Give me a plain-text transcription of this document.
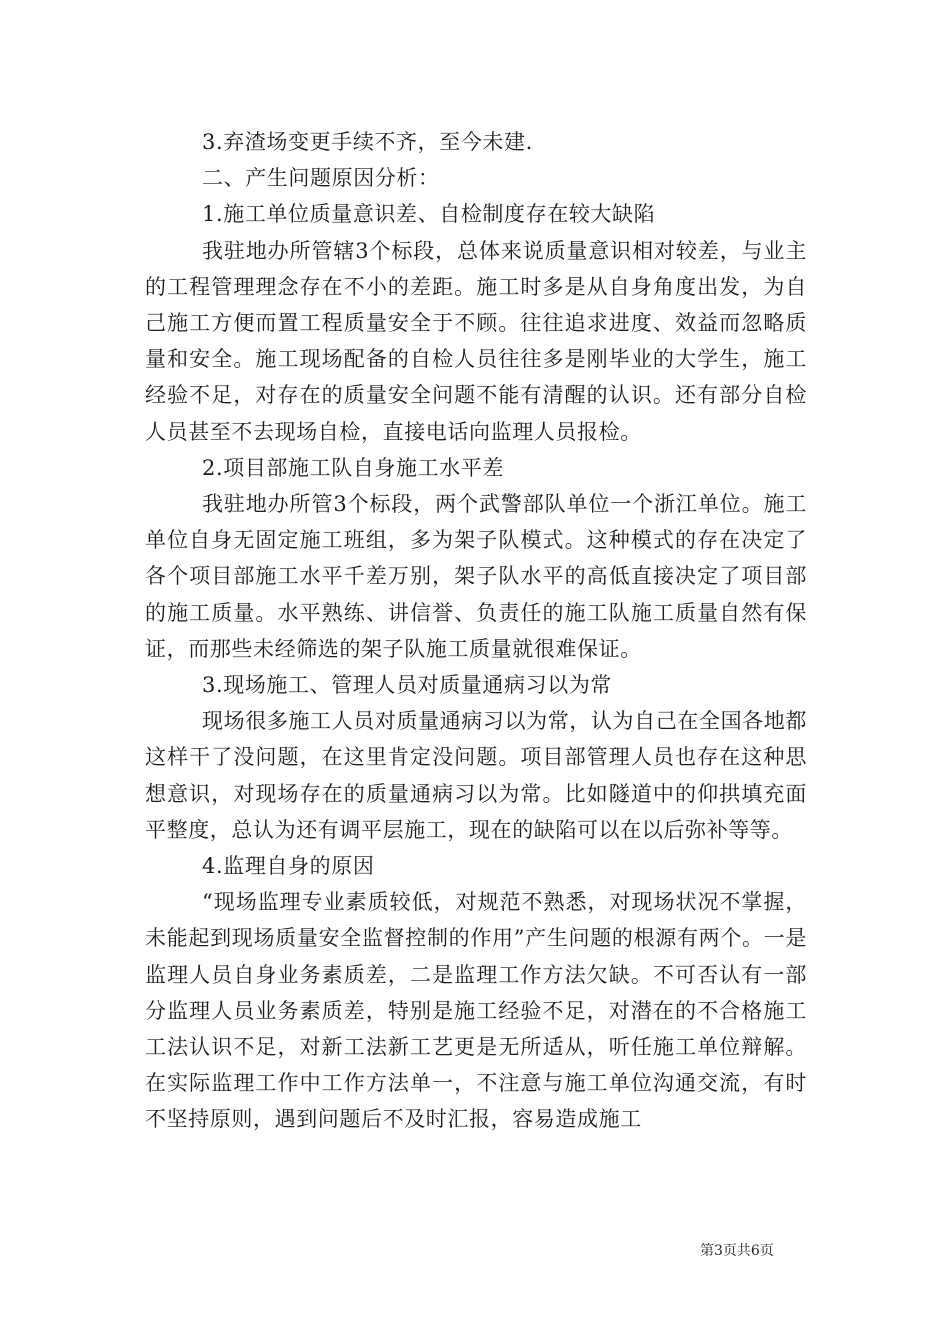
3.弃渣场变更手续不齐，至今未建.

二、产生问题原因分析：

1.施工单位质量意识差、自检制度存在较大缺陷

我驻地办所管辖3个标段，总体来说质量意识相对较差，与业主的工程管理理念存在不小的差距。施工时多是从自身角度出发，为自己施工方便而置工程质量安全于不顾。往往追求进度、效益而忽略质量和安全。施工现场配备的自检人员往往多是刚毕业的大学生，施工经验不足，对存在的质量安全问题不能有清醒的认识。还有部分自检人员甚至不去现场自检，直接电话向监理人员报检。

2.项目部施工队自身施工水平差

我驻地办所管3个标段，两个武警部队单位一个浙江单位。施工单位自身无固定施工班组，多为架子队模式。这种模式的存在决定了各个项目部施工水平千差万别，架子队水平的高低直接决定了项目部的施工质量。水平熟练、讲信誉、负责任的施工队施工质量自然有保证，而那些未经筛选的架子队施工质量就很难保证。

3.现场施工、管理人员对质量通病习以为常

现场很多施工人员对质量通病习以为常，认为自己在全国各地都这样干了没问题，在这里肯定没问题。项目部管理人员也存在这种思想意识，对现场存在的质量通病习以为常。比如隧道中的仰拱填充面平整度，总认为还有调平层施工，现在的缺陷可以在以后弥补等等。

4.监理自身的原因

“现场监理专业素质较低，对规范不熟悉，对现场状况不掌握，未能起到现场质量安全监督控制的作用”产生问题的根源有两个。一是监理人员自身业务素质差，二是监理工作方法欠缺。不可否认有一部分监理人员业务素质差，特别是施工经验不足，对潜在的不合格施工工法认识不足，对新工法新工艺更是无所适从，听任施工单位辩解。在实际监理工作中工作方法单一，不注意与施工单位沟通交流，有时不坚持原则，遇到问题后不及时汇报，容易造成施工

第3页共6页
